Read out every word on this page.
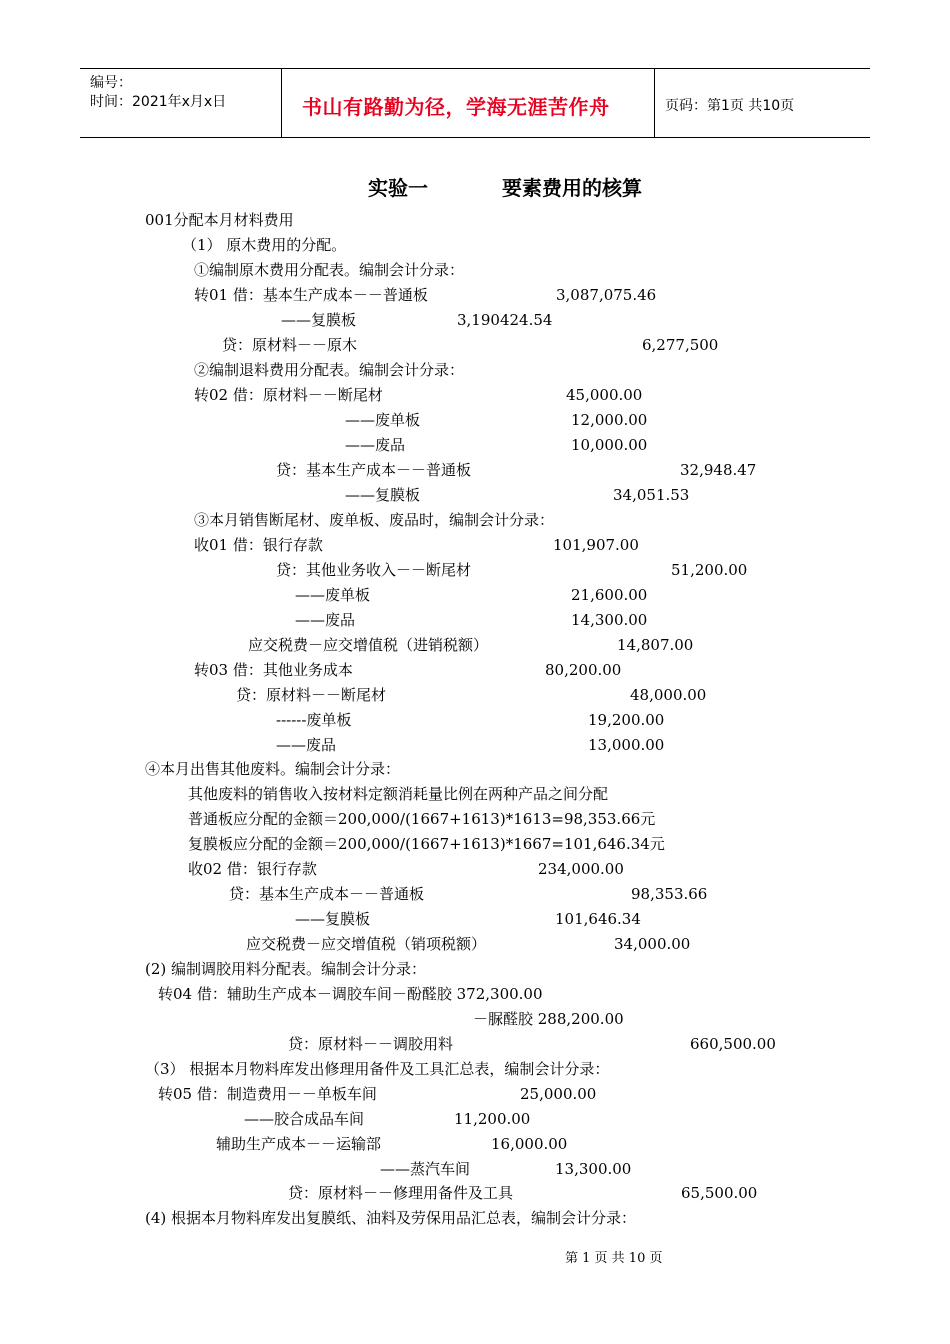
编号：
时间：2021年x月x日	书山有路勤为径，学海无涯苦作舟	页码：第1页 共10页
实验一	要素费用的核算
001分配本月材料费用
（1） 原木费用的分配。
①编制原木费用分配表。编制会计分录：
转01 借：基本生产成本－－普通板	3,087,075.46
——复膜板	3,190424.54
贷：原材料－－原木	6,277,500
②编制退料费用分配表。编制会计分录：
转02 借：原材料－－断尾材	45,000.00
——废单板	12,000.00
——废品	10,000.00
贷：基本生产成本－－普通板	32,948.47
——复膜板	34,051.53
③本月销售断尾材、废单板、废品时，编制会计分录：
收01 借：银行存款	101,907.00
贷：其他业务收入－－断尾材	51,200.00
——废单板	21,600.00
——废品	14,300.00
应交税费－应交增值税（进销税额）	14,807.00
转03 借：其他业务成本	80,200.00
贷：原材料－－断尾材	48,000.00
------废单板	19,200.00
——废品	13,000.00
④本月出售其他废料。编制会计分录：
其他废料的销售收入按材料定额消耗量比例在两种产品之间分配
普通板应分配的金额＝200,000/(1667+1613)*1613=98,353.66元
复膜板应分配的金额＝200,000/(1667+1613)*1667=101,646.34元
收02 借：银行存款	234,000.00
贷：基本生产成本－－普通板	98,353.66
——复膜板	101,646.34
应交税费－应交增值税（销项税额）	34,000.00
(2) 编制调胶用料分配表。编制会计分录：
转04 借：辅助生产成本－调胶车间－酚醛胶 372,300.00
－脲醛胶 288,200.00
贷：原材料－－调胶用料	660,500.00
（3） 根据本月物料库发出修理用备件及工具汇总表，编制会计分录：
转05 借：制造费用－－单板车间	25,000.00
——胶合成品车间	11,200.00
辅助生产成本－－运输部	16,000.00
——蒸汽车间	13,300.00
贷：原材料－－修理用备件及工具	65,500.00
(4) 根据本月物料库发出复膜纸、油料及劳保用品汇总表，编制会计分录：
第 1 页 共 10 页
